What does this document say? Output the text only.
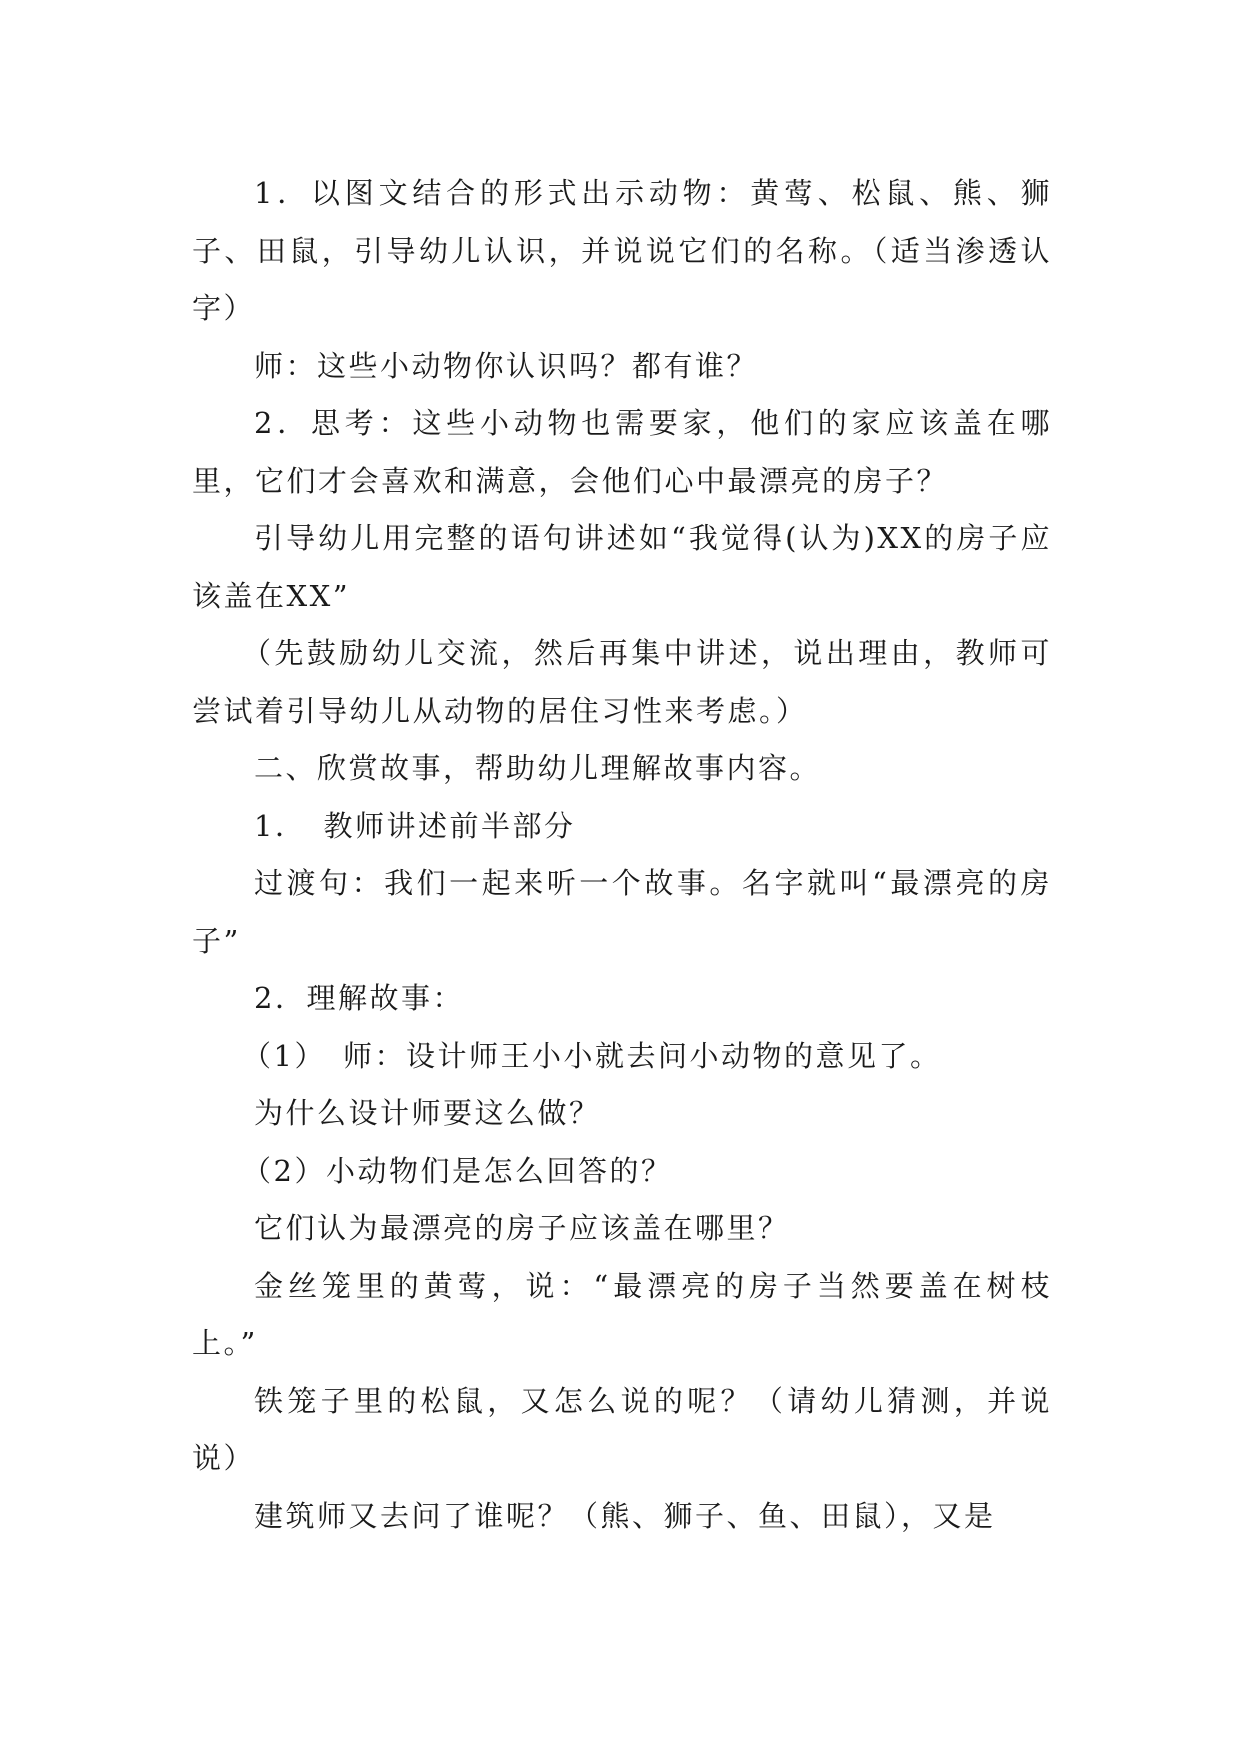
1．以图文结合的形式出示动物：黄莺、松鼠、熊、狮子、田鼠，引导幼儿认识，并说说它们的名称。（适当渗透认字）

师：这些小动物你认识吗？都有谁？

2．思考：这些小动物也需要家，他们的家应该盖在哪里，它们才会喜欢和满意，会他们心中最漂亮的房子？

引导幼儿用完整的语句讲述如“我觉得(认为)XX的房子应该盖在XX”

（先鼓励幼儿交流，然后再集中讲述，说出理由，教师可尝试着引导幼儿从动物的居住习性来考虑。）

二、欣赏故事，帮助幼儿理解故事内容。

1．　教师讲述前半部分

过渡句：我们一起来听一个故事。名字就叫“最漂亮的房子”

2．理解故事：

（1）　师：设计师王小小就去问小动物的意见了。

为什么设计师要这么做？

（2）小动物们是怎么回答的？

它们认为最漂亮的房子应该盖在哪里？

金丝笼里的黄莺，说：“最漂亮的房子当然要盖在树枝上。”

铁笼子里的松鼠，又怎么说的呢？（请幼儿猜测，并说说）

建筑师又去问了谁呢？（熊、狮子、鱼、田鼠），又是
